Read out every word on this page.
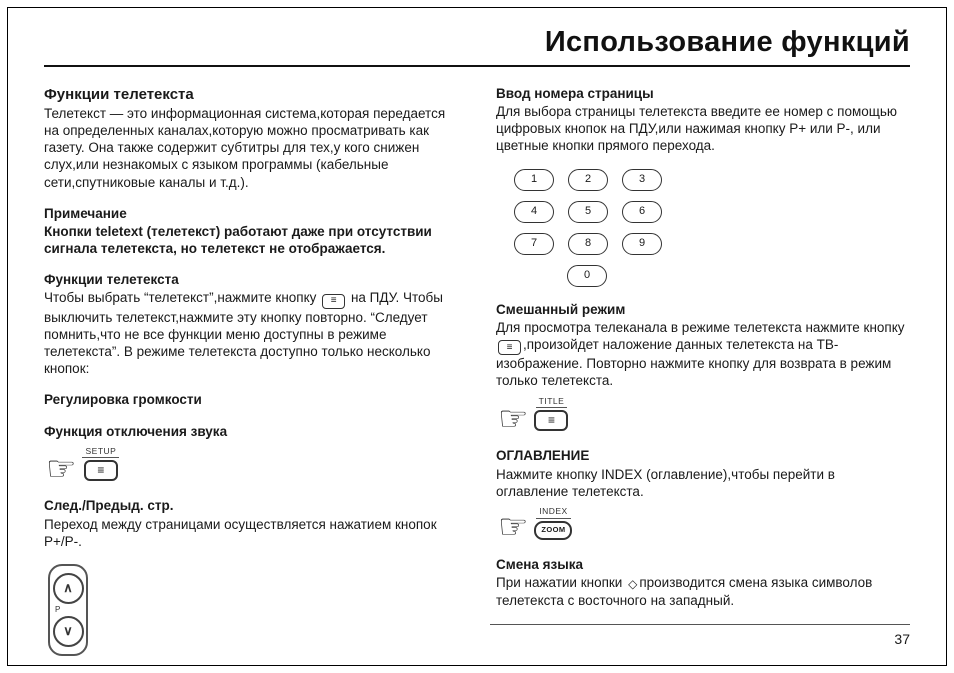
Использование функций
Функции телетекста

Телетекст — это информационная система,которая передается на определенных каналах,которую можно просматривать как газету. Она также содержит субтитры для тех,у кого снижен слух,или незнакомых с языком программы (кабельные сети,спутниковые каналы и т.д.).

Примечание

Кнопки teletext (телетекст) работают даже при отсутствии сигнала телетекста, но телетекст не отображается.

Функции телетекста

Чтобы выбрать “телетекст”,нажмите кнопку ≡ на ПДУ. Чтобы выключить телетекст,нажмите эту кнопку повторно. “Следует помнить,что не все функции меню доступны в режиме телетекста”. В режиме телетекста доступно только несколько кнопок:

Регулировка громкости
Функция отключения звука
☞	SETUP
≡
След./Предыд. стр.

Переход между страницами осуществляется нажатием кнопок P+/P-.

∧
P
∨
Ввод номера страницы

Для выбора страницы телетекста введите ее номер с помощью цифровых кнопок на ПДУ,или нажимая кнопку P+ или P-, или цветные кнопки прямого перехода.

1	2	3
4	5	6
7	8	9
0
Смешанный режим

Для просмотра телеканала в режиме телетекста нажмите кнопку
≡ ,произойдет наложение данных телетекста на ТВ-изображение. Повторно нажмите кнопку для возврата в режим только телетекста.

☞	TITLE
≡
ОГЛАВЛЕНИЕ

Нажмите кнопку INDEX (оглавление),чтобы перейти в оглавление телетекста.

☞	INDEX
ZOOM
Смена языка

При нажатии кнопки ◇ производится смена языка символов телетекста с восточного на западный.

37
